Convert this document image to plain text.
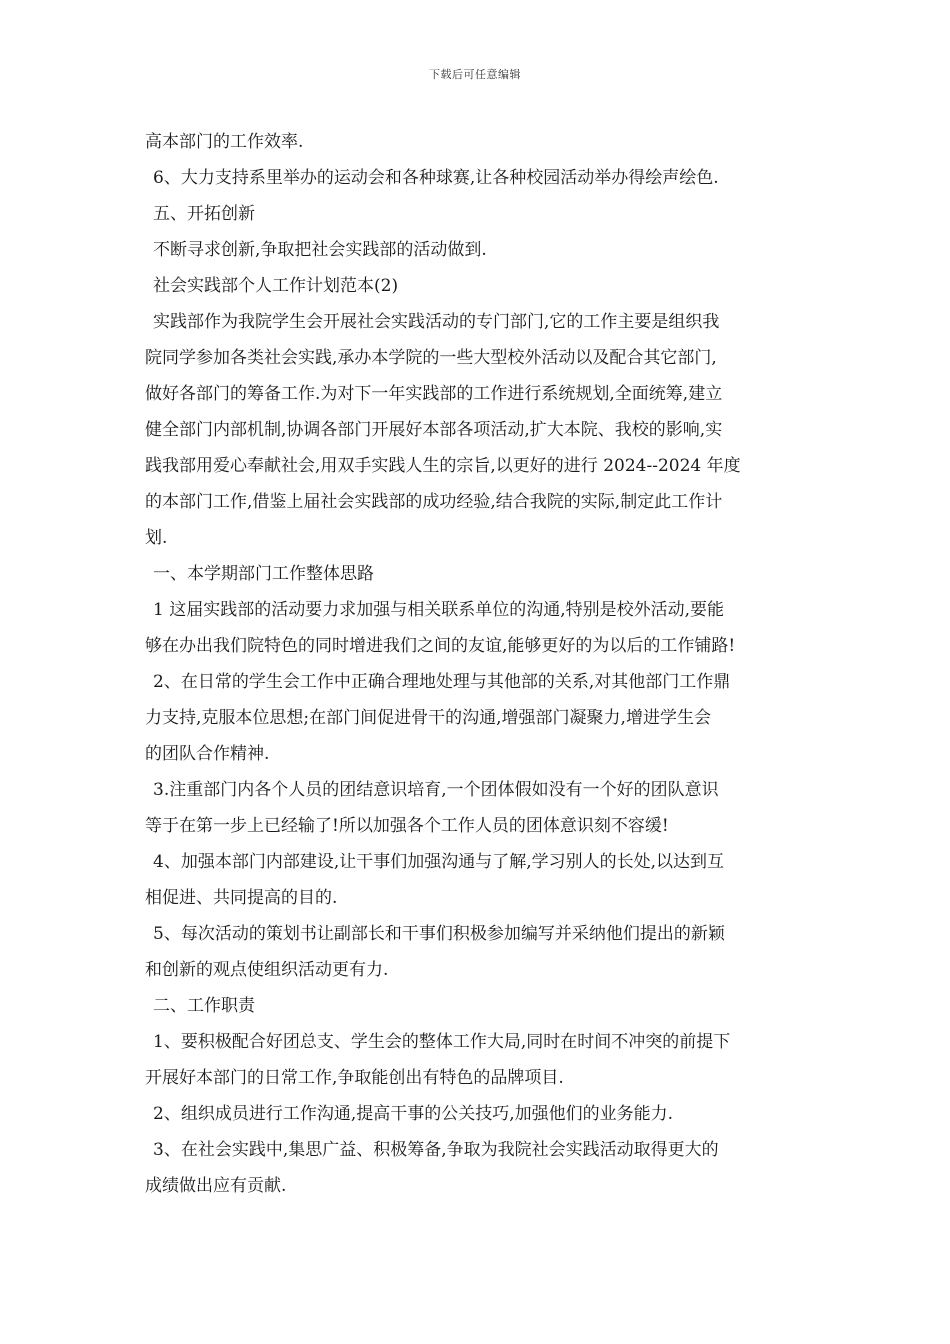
下载后可任意编辑
高本部门的工作效率.
6、大力支持系里举办的运动会和各种球赛,让各种校园活动举办得绘声绘色.
五、开拓创新
不断寻求创新,争取把社会实践部的活动做到.
社会实践部个人工作计划范本(2)
实践部作为我院学生会开展社会实践活动的专门部门,它的工作主要是组织我
院同学参加各类社会实践,承办本学院的一些大型校外活动以及配合其它部门,
做好各部门的筹备工作.为对下一年实践部的工作进行系统规划,全面统筹,建立
健全部门内部机制,协调各部门开展好本部各项活动,扩大本院、我校的影响,实
践我部用爱心奉献社会,用双手实践人生的宗旨,以更好的进行 2024--2024 年度
的本部门工作,借鉴上届社会实践部的成功经验,结合我院的实际,制定此工作计
划.
一、本学期部门工作整体思路
1 这届实践部的活动要力求加强与相关联系单位的沟通,特别是校外活动,要能
够在办出我们院特色的同时增进我们之间的友谊,能够更好的为以后的工作铺路!
2、在日常的学生会工作中正确合理地处理与其他部的关系,对其他部门工作鼎
力支持,克服本位思想;在部门间促进骨干的沟通,增强部门凝聚力,增进学生会
的团队合作精神.
3.注重部门内各个人员的团结意识培育,一个团体假如没有一个好的团队意识
等于在第一步上已经输了!所以加强各个工作人员的团体意识刻不容缓!
4、加强本部门内部建设,让干事们加强沟通与了解,学习别人的长处,以达到互
相促进、共同提高的目的.
5、每次活动的策划书让副部长和干事们积极参加编写并采纳他们提出的新颖
和创新的观点使组织活动更有力.
二、工作职责
1、要积极配合好团总支、学生会的整体工作大局,同时在时间不冲突的前提下
开展好本部门的日常工作,争取能创出有特色的品牌项目.
2、组织成员进行工作沟通,提高干事的公关技巧,加强他们的业务能力.
3、在社会实践中,集思广益、积极筹备,争取为我院社会实践活动取得更大的
成绩做出应有贡献.
